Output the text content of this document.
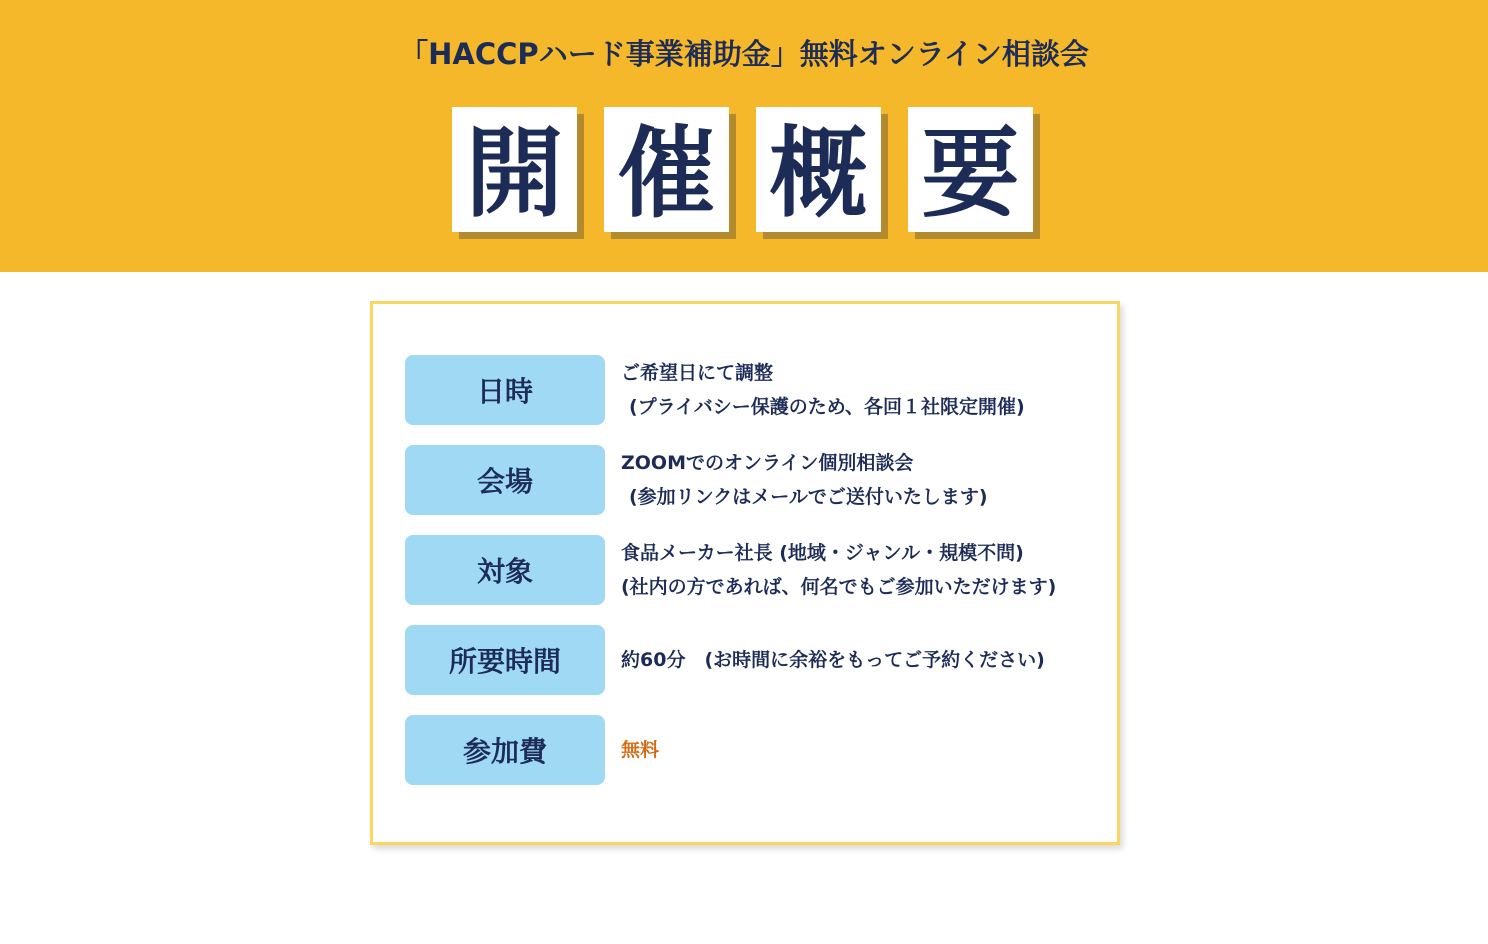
「HACCPハード事業補助金」無料オンライン相談会
開 催 概 要
日時
ご希望日にて調整
(プライバシー保護のため、各回１社限定開催)
会場
ZOOMでのオンライン個別相談会
(参加リンクはメールでご送付いたします)
対象
食品メーカー社長 (地域・ジャンル・規模不問)
(社内の方であれば、何名でもご参加いただけます)
所要時間	約60分　(お時間に余裕をもってご予約ください)
参加費	無料
